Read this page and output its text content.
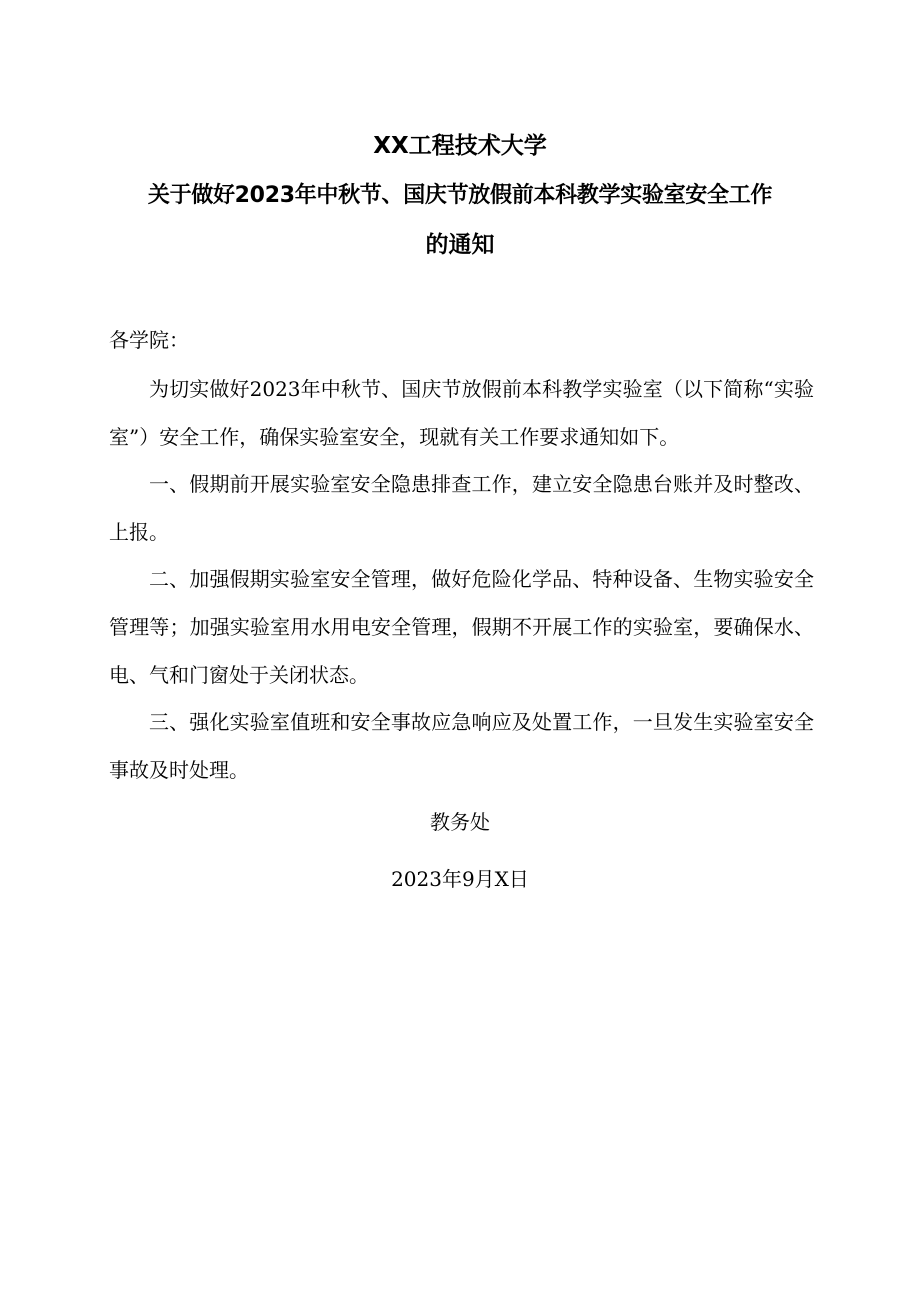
XX工程技术大学
关于做好2023年中秋节、国庆节放假前本科教学实验室安全工作
的通知
各学院：

为切实做好2023年中秋节、国庆节放假前本科教学实验室（以下简称“实验室”）安全工作，确保实验室安全，现就有关工作要求通知如下。

一、假期前开展实验室安全隐患排查工作，建立安全隐患台账并及时整改、上报。

二、加强假期实验室安全管理，做好危险化学品、特种设备、生物实验安全管理等；加强实验室用水用电安全管理，假期不开展工作的实验室，要确保水、电、气和门窗处于关闭状态。

三、强化实验室值班和安全事故应急响应及处置工作，一旦发生实验室安全事故及时处理。

教务处
2023年9月X日
